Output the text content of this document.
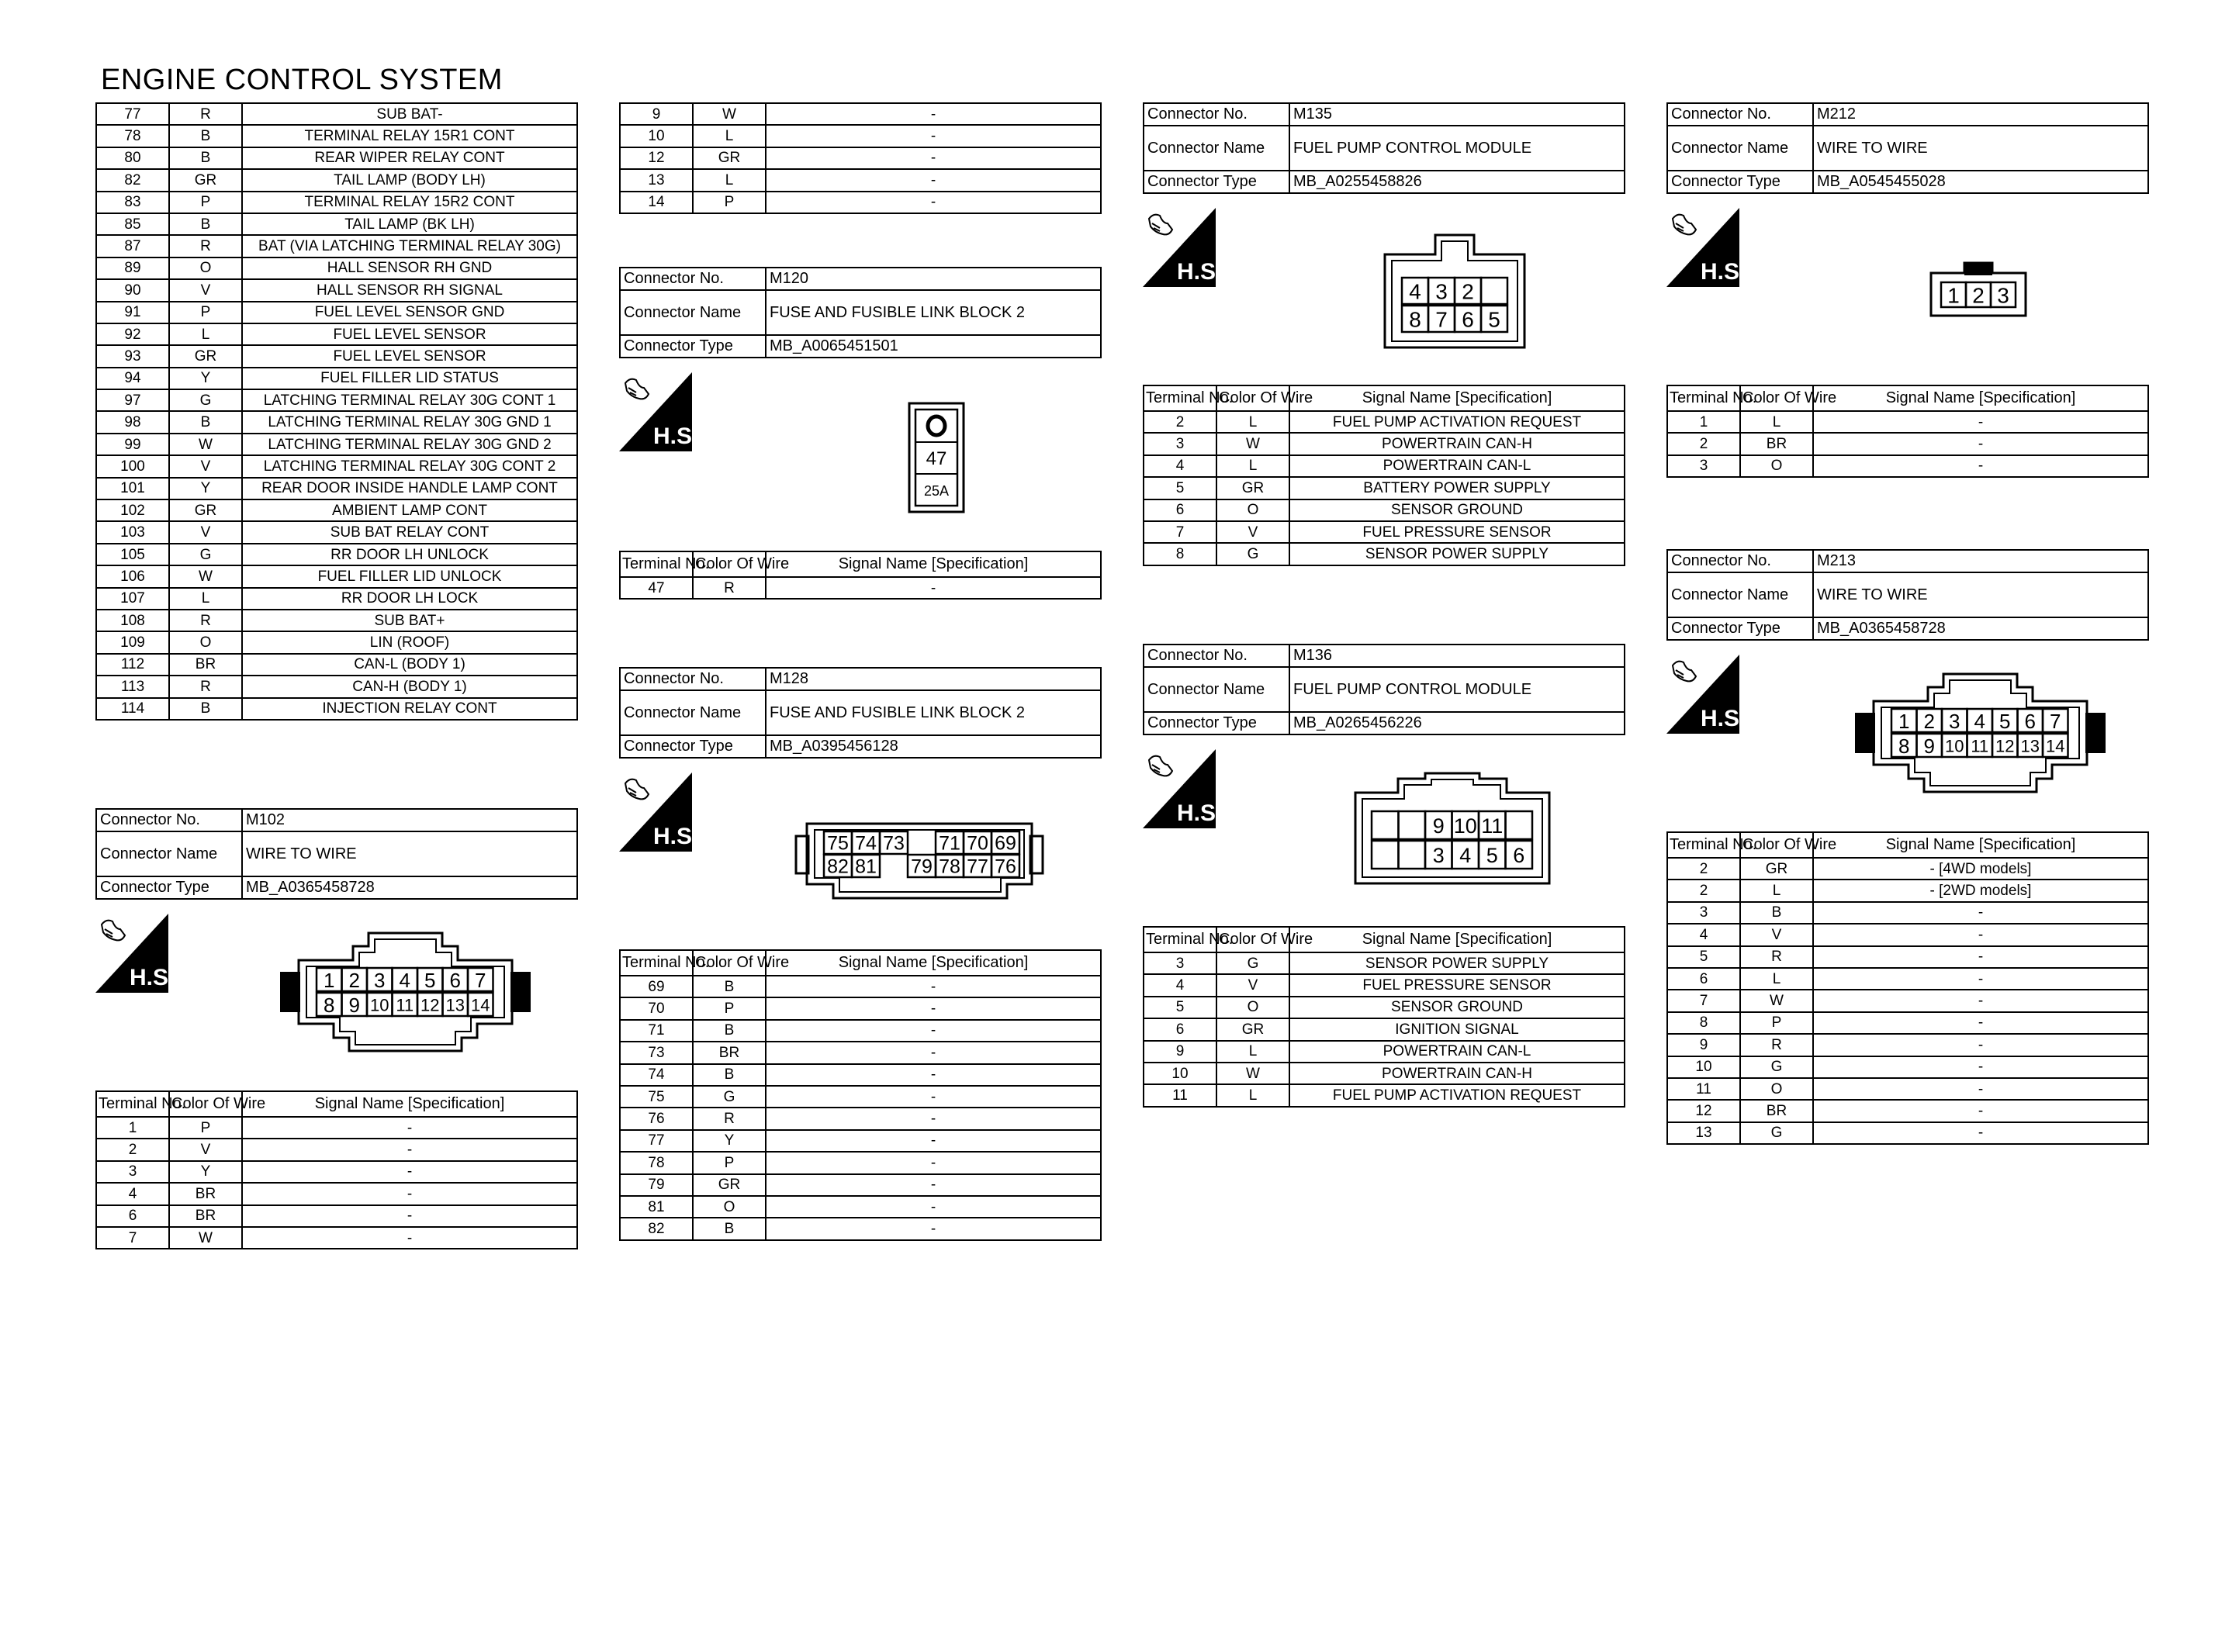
ENGINE CONTROL SYSTEM
77	R	SUB BAT-
78	B	TERMINAL RELAY 15R1 CONT
80	B	REAR WIPER RELAY CONT
82	GR	TAIL LAMP (BODY LH)
83	P	TERMINAL RELAY 15R2 CONT
85	B	TAIL LAMP (BK LH)
87	R	BAT (VIA LATCHING TERMINAL RELAY 30G)
89	O	HALL SENSOR RH GND
90	V	HALL SENSOR RH SIGNAL
91	P	FUEL LEVEL SENSOR GND
92	L	FUEL LEVEL SENSOR
93	GR	FUEL LEVEL SENSOR
94	Y	FUEL FILLER LID STATUS
97	G	LATCHING TERMINAL RELAY 30G CONT 1
98	B	LATCHING TERMINAL RELAY 30G GND 1
99	W	LATCHING TERMINAL RELAY 30G GND 2
100	V	LATCHING TERMINAL RELAY 30G CONT 2
101	Y	REAR DOOR INSIDE HANDLE LAMP CONT
102	GR	AMBIENT LAMP CONT
103	V	SUB BAT RELAY CONT
105	G	RR DOOR LH UNLOCK
106	W	FUEL FILLER LID UNLOCK
107	L	RR DOOR LH LOCK
108	R	SUB BAT+
109	O	LIN (ROOF)
112	BR	CAN-L (BODY 1)
113	R	CAN-H (BODY 1)
114	B	INJECTION RELAY CONT
9	W	-
10	L	-
12	GR	-
13	L	-
14	P	-
Connector No.	M102
Connector Name	WIRE TO WIRE
Connector Type	MB_A0365458728
H.S.	1 2 3 4 5 6 7
8 9 10 11 12 13 14
Terminal No.	Color Of Wire	Signal Name [Specification]
1	P	-
2	V	-
3	Y	-
4	BR	-
6	BR	-
7	W	-
Connector No.	M120
Connector Name	FUSE AND FUSIBLE LINK BLOCK 2
Connector Type	MB_A0065451501
H.S.
47
25A
Terminal No.	Color Of Wire	Signal Name [Specification]
47	R	-
Connector No.	M128
Connector Name	FUSE AND FUSIBLE LINK BLOCK 2
Connector Type	MB_A0395456128
H.S.	75 74 73 71 70 69
82 81 79 78 77 76
Terminal No.	Color Of Wire	Signal Name [Specification]
69	B	-
70	P	-
71	B	-
73	BR	-
74	B	-
75	G	-
76	R	-
77	Y	-
78	P	-
79	GR	-
81	O	-
82	B	-
Connector No.	M135
Connector Name	FUEL PUMP CONTROL MODULE
Connector Type	MB_A0255458826
H.S.
4 3 2
8 7 6 5
Terminal No.	Color Of Wire	Signal Name [Specification]
2	L	FUEL PUMP ACTIVATION REQUEST
3	W	POWERTRAIN CAN-H
4	L	POWERTRAIN CAN-L
5	GR	BATTERY POWER SUPPLY
6	O	SENSOR GROUND
7	V	FUEL PRESSURE SENSOR
8	G	SENSOR POWER SUPPLY
Connector No.	M136
Connector Name	FUEL PUMP CONTROL MODULE
Connector Type	MB_A0265456226
H.S.	9 10 11
3 4 5 6
Terminal No.	Color Of Wire	Signal Name [Specification]
3	G	SENSOR POWER SUPPLY
4	V	FUEL PRESSURE SENSOR
5	O	SENSOR GROUND
6	GR	IGNITION SIGNAL
9	L	POWERTRAIN CAN-L
10	W	POWERTRAIN CAN-H
11	L	FUEL PUMP ACTIVATION REQUEST
Connector No.	M212
Connector Name	WIRE TO WIRE
Connector Type	MB_A0545455028
H.S.
1 2 3
Terminal No.	Color Of Wire	Signal Name [Specification]
1	L	-
2	BR	-
3	O	-
Connector No.	M213
Connector Name	WIRE TO WIRE
Connector Type	MB_A0365458728
H.S.	1 2 3 4 5 6 7
8 9 10 11 12 13 14
Terminal No.	Color Of Wire	Signal Name [Specification]
2	GR	- [4WD models]
2	L	- [2WD models]
3	B	-
4	V	-
5	R	-
6	L	-
7	W	-
8	P	-
9	R	-
10	G	-
11	O	-
12	BR	-
13	G	-
